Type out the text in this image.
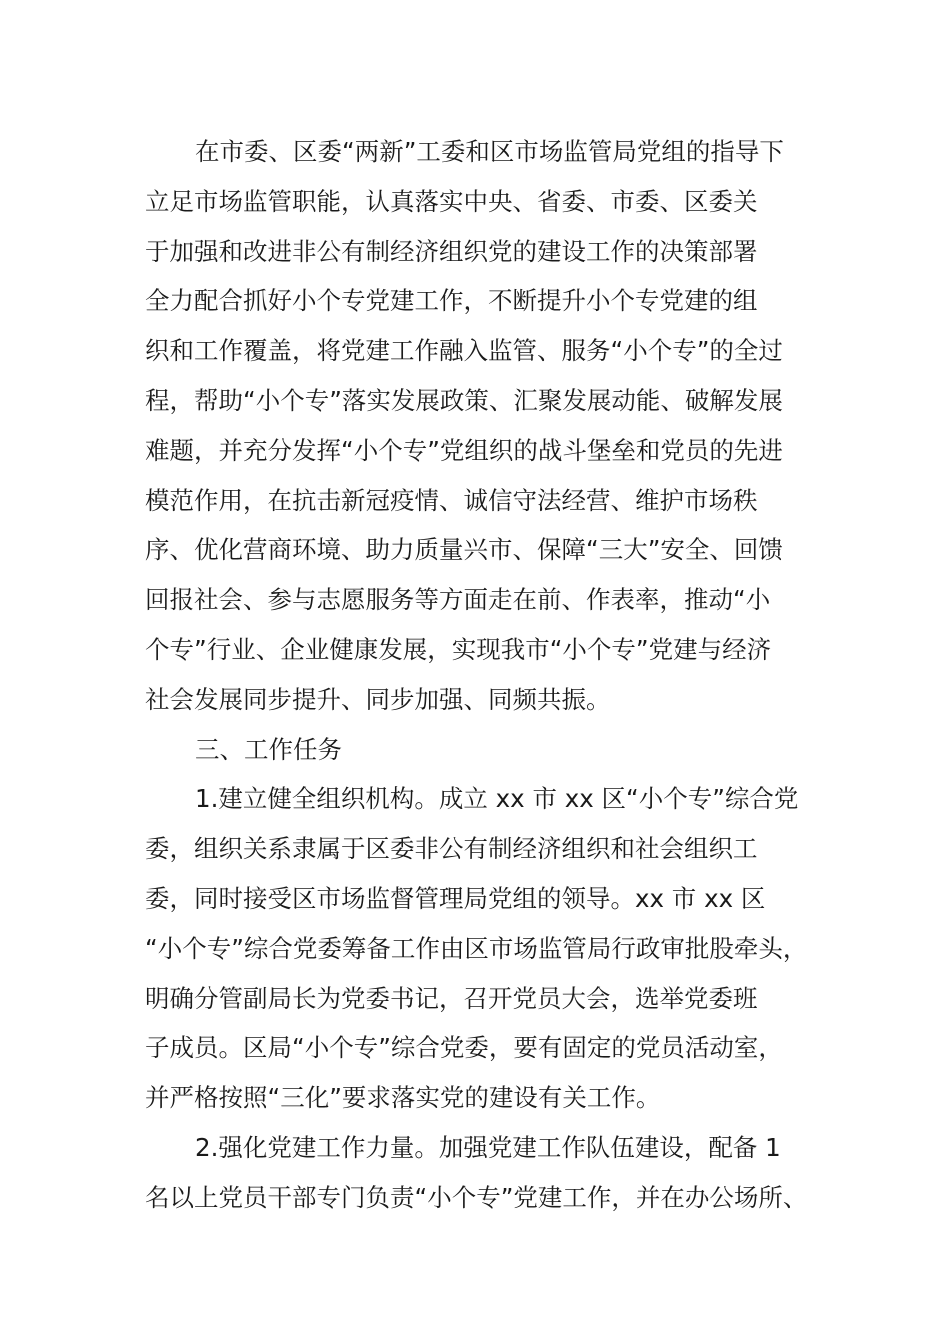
在市委、区委“两新”工委和区市场监管局党组的指导下
立足市场监管职能，认真落实中央、省委、市委、区委关
于加强和改进非公有制经济组织党的建设工作的决策部署
全力配合抓好小个专党建工作，不断提升小个专党建的组
织和工作覆盖，将党建工作融入监管、服务“小个专”的全过
程，帮助“小个专”落实发展政策、汇聚发展动能、破解发展
难题，并充分发挥“小个专”党组织的战斗堡垒和党员的先进
模范作用，在抗击新冠疫情、诚信守法经营、维护市场秩
序、优化营商环境、助力质量兴市、保障“三大”安全、回馈
回报社会、参与志愿服务等方面走在前、作表率，推动“小
个专”行业、企业健康发展，实现我市“小个专”党建与经济
社会发展同步提升、同步加强、同频共振。
三、工作任务
1.建立健全组织机构。成立 xx 市 xx 区“小个专”综合党
委，组织关系隶属于区委非公有制经济组织和社会组织工
委，同时接受区市场监督管理局党组的领导。xx 市 xx 区
“小个专”综合党委筹备工作由区市场监管局行政审批股牵头，
明确分管副局长为党委书记，召开党员大会，选举党委班
子成员。区局“小个专”综合党委，要有固定的党员活动室，
并严格按照“三化”要求落实党的建设有关工作。
2.强化党建工作力量。加强党建工作队伍建设，配备 1
名以上党员干部专门负责“小个专”党建工作，并在办公场所、
